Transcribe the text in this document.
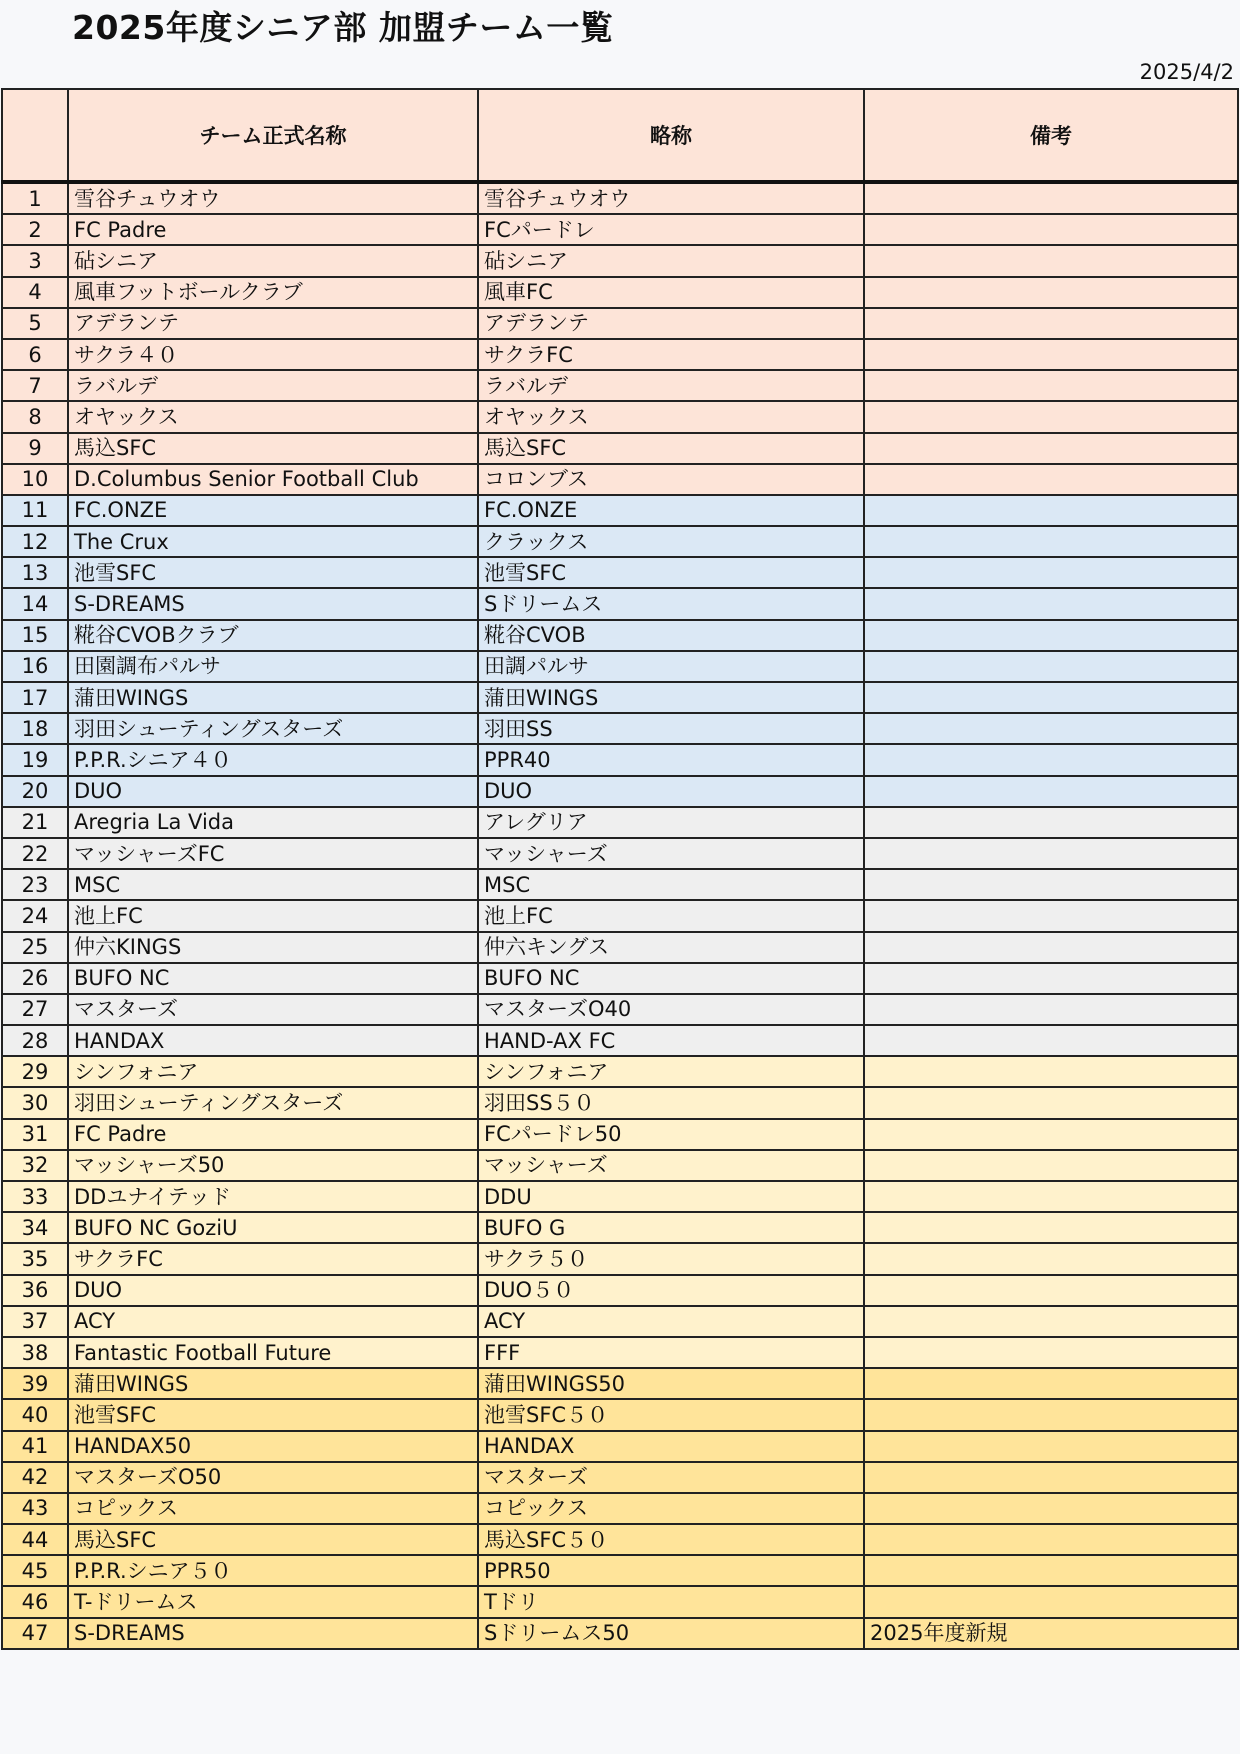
2025年度シニア部 加盟チーム一覧
2025/4/2
	チーム正式名称	略称	備考
1	雪谷チュウオウ	雪谷チュウオウ	
2	FC Padre	FCパードレ	
3	砧シニア	砧シニア	
4	風車フットボールクラブ	風車FC	
5	アデランテ	アデランテ	
6	サクラ４０	サクラFC	
7	ラバルデ	ラバルデ	
8	オヤックス	オヤックス	
9	馬込SFC	馬込SFC	
10	D.Columbus Senior Football Club	コロンブス	
11	FC.ONZE	FC.ONZE	
12	The Crux	クラックス	
13	池雪SFC	池雪SFC	
14	S-DREAMS	Sドリームス	
15	糀谷CVOBクラブ	糀谷CVOB	
16	田園調布パルサ	田調パルサ	
17	蒲田WINGS	蒲田WINGS	
18	羽田シューティングスターズ	羽田SS	
19	P.P.R.シニア４０	PPR40	
20	DUO	DUO	
21	Aregria La Vida	アレグリア	
22	マッシャーズFC	マッシャーズ	
23	MSC	MSC	
24	池上FC	池上FC	
25	仲六KINGS	仲六キングス	
26	BUFO NC	BUFO NC	
27	マスターズ	マスターズO40	
28	HANDAX	HAND-AX FC	
29	シンフォニア	シンフォニア	
30	羽田シューティングスターズ	羽田SS５０	
31	FC Padre	FCパードレ50	
32	マッシャーズ50	マッシャーズ	
33	DDユナイテッド	DDU	
34	BUFO NC GoziU	BUFO G	
35	サクラFC	サクラ５０	
36	DUO	DUO５０	
37	ACY	ACY	
38	Fantastic Football Future	FFF	
39	蒲田WINGS	蒲田WINGS50	
40	池雪SFC	池雪SFC５０	
41	HANDAX50	HANDAX	
42	マスターズO50	マスターズ	
43	コピックス	コピックス	
44	馬込SFC	馬込SFC５０	
45	P.P.R.シニア５０	PPR50	
46	T-ドリームス	Tドリ	
47	S-DREAMS	Sドリームス50	2025年度新規
